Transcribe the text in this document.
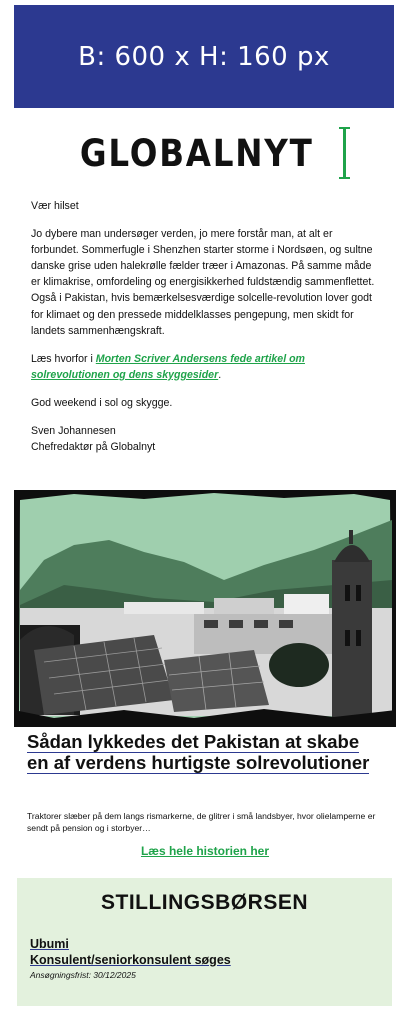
B: 600 x H: 160 px
GLOBALNYT

Vær hilset

Jo dybere man undersøger verden, jo mere forstår man, at alt er forbundet. Sommerfugle i Shenzhen starter storme i Nordsøen, og sultne danske grise uden halekrølle fælder træer i Amazonas. På samme måde er klimakrise, omfordeling og energisikkerhed fuldstændig sammenflettet. Også i Pakistan, hvis bemærkelsesværdige solcelle-revolution lover godt for klimaet og den pressede middelklasses pengepung, men skidt for landets sammenhængskraft.

Læs hvorfor i Morten Scriver Andersens fede artikel om solrevolutionen og dens skyggesider.

God weekend i sol og skygge.

Sven Johannesen
Chefredaktør på Globalnyt

Sådan lykkedes det Pakistan at skabe en af verdens hurtigste solrevolutioner
Traktorer slæber på dem langs rismarkerne, de glitrer i små landsbyer, hvor olielamperne er sendt på pension og i storbyer…
Læs hele historien her
STILLINGSBØRSEN
Ubumi
Konsulent/seniorkonsulent søges
Ansøgningsfrist: 30/12/2025
